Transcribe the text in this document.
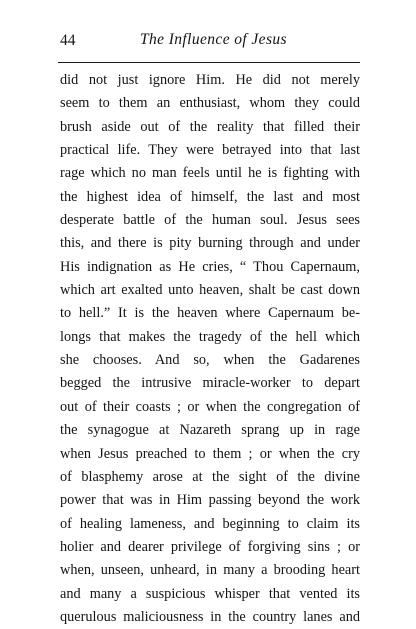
44	The Influence of Jesus
did not just ignore Him. He did not merely
seem to them an enthusiast, whom they could
brush aside out of the reality that filled their
practical life. They were betrayed into that last
rage which no man feels until he is fighting with
the highest idea of himself, the last and most
desperate battle of the human soul. Jesus sees
this, and there is pity burning through and under
His indignation as He cries, “ Thou Capernaum,
which art exalted unto heaven, shalt be cast down
to hell.” It is the heaven where Capernaum be-
longs that makes the tragedy of the hell which
she chooses. And so, when the Gadarenes
begged the intrusive miracle-worker to depart
out of their coasts ; or when the congregation of
the synagogue at Nazareth sprang up in rage
when Jesus preached to them ; or when the cry
of blasphemy arose at the sight of the divine
power that was in Him passing beyond the work
of healing lameness, and beginning to claim its
holier and dearer privilege of forgiving sins ; or
when, unseen, unheard, in many a brooding heart
and many a suspicious whisper that vented its
querulous maliciousness in the country lanes and
